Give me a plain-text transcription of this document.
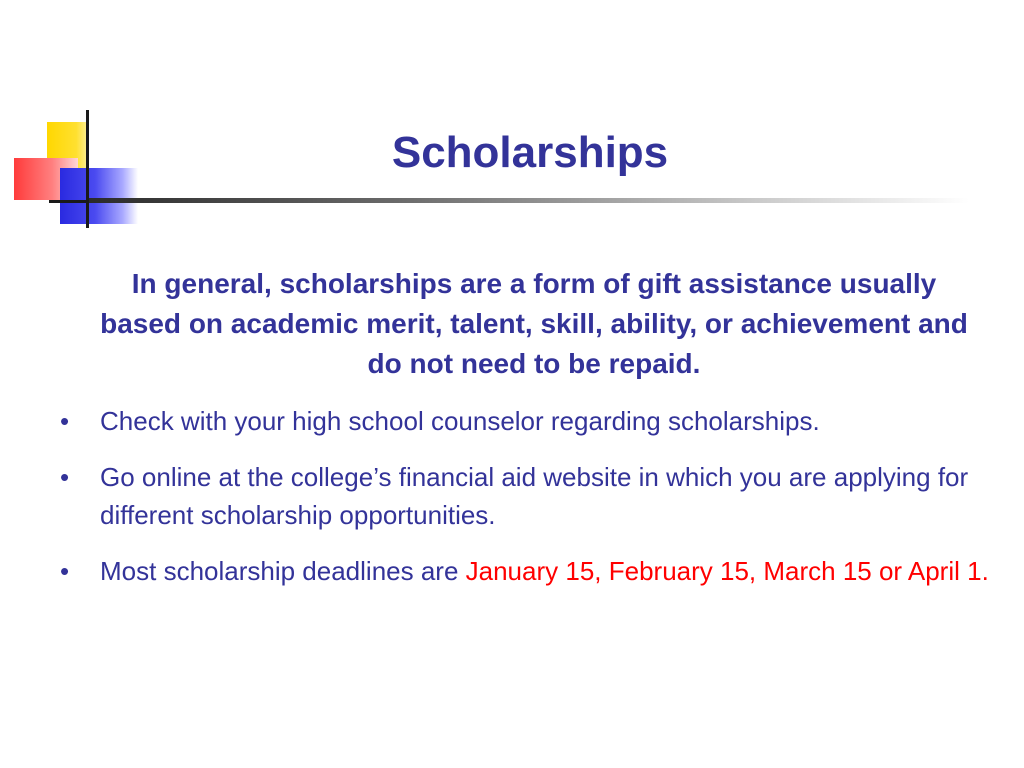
Scholarships

In general, scholarships are a form of gift assistance usually based on academic merit, talent, skill, ability, or achievement and do not need to be repaid.

• Check with your high school counselor regarding scholarships.
• Go online at the college’s financial aid website in which you are applying for different scholarship opportunities.
• Most scholarship deadlines are January 15, February 15, March 15 or April 1.
